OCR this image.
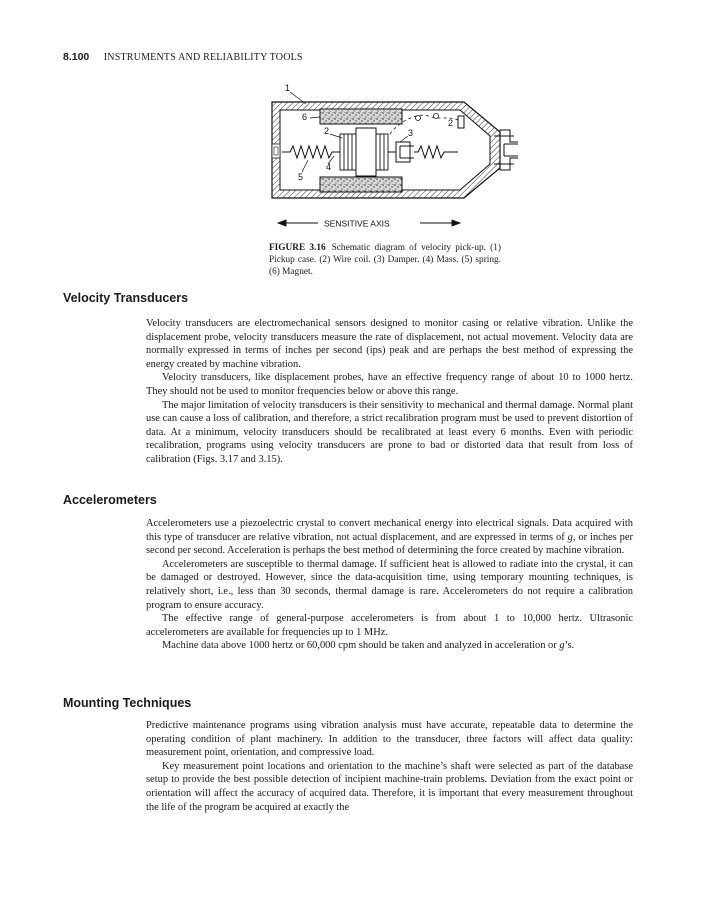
8.100 INSTRUMENTS AND RELIABILITY TOOLS
1
6
2	3
2
4
5
SENSITIVE AXIS
FIGURE 3.16 Schematic diagram of velocity pick-up. (1) Pickup case. (2) Wire coil. (3) Damper. (4) Mass. (5) spring. (6) Magnet.
Velocity Transducers

Velocity transducers are electromechanical sensors designed to monitor casing or relative vibration. Unlike the displacement probe, velocity transducers measure the rate of displacement, not actual movement. Velocity data are normally expressed in terms of inches per second (ips) peak and are perhaps the best method of expressing the energy created by machine vibration.

Velocity transducers, like displacement probes, have an effective frequency range of about 10 to 1000 hertz. They should not be used to monitor frequencies below or above this range.

The major limitation of velocity transducers is their sensitivity to mechanical and thermal damage. Normal plant use can cause a loss of calibration, and therefore, a strict recalibration program must be used to prevent distortion of data. At a minimum, velocity transducers should be recalibrated at least every 6 months. Even with periodic recalibration, programs using velocity transducers are prone to bad or distorted data that result from loss of calibration (Figs. 3.17 and 3.15).

Accelerometers

Accelerometers use a piezoelectric crystal to convert mechanical energy into electrical signals. Data acquired with this type of transducer are relative vibration, not actual displacement, and are expressed in terms of g, or inches per second per second. Acceleration is perhaps the best method of determining the force created by machine vibration.

Accelerometers are susceptible to thermal damage. If sufficient heat is allowed to radiate into the crystal, it can be damaged or destroyed. However, since the data-acquisition time, using temporary mounting techniques, is relatively short, i.e., less than 30 seconds, thermal damage is rare. Accelerometers do not require a calibration program to ensure accuracy.

The effective range of general-purpose accelerometers is from about 1 to 10,000 hertz. Ultrasonic accelerometers are available for frequencies up to 1 MHz.

Machine data above 1000 hertz or 60,000 cpm should be taken and analyzed in acceleration or g’s.

Mounting Techniques

Predictive maintenance programs using vibration analysis must have accurate, repeatable data to determine the operating condition of plant machinery. In addition to the transducer, three factors will affect data quality: measurement point, orientation, and compressive load.

Key measurement point locations and orientation to the machine’s shaft were selected as part of the database setup to provide the best possible detection of incipient machine-train problems. Deviation from the exact point or orientation will affect the accuracy of acquired data. Therefore, it is important that every measurement throughout the life of the program be acquired at exactly the
